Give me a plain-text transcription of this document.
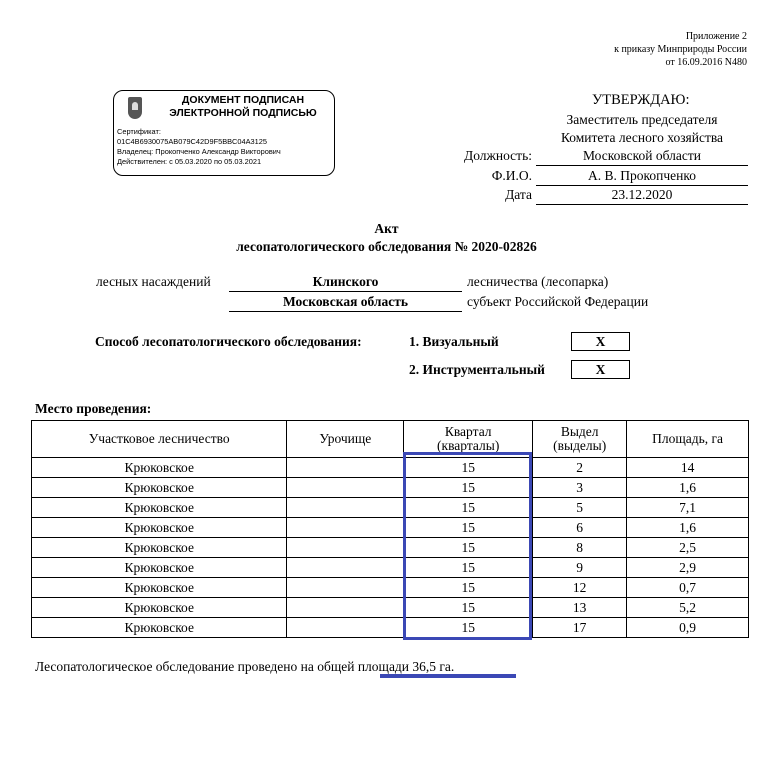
Приложение 2
к приказу Минприроды России
от 16.09.2016 N480
ДОКУМЕНТ ПОДПИСАН
ЭЛЕКТРОННОЙ ПОДПИСЬЮ
Сертификат:
01C4B6930075AB079C42D9F5BBC04A3125
Владелец: Прокопченко Александр Викторович
Действителен: с 05.03.2020 по 05.03.2021
УТВЕРЖДАЮ:
Заместитель председателя
Комитета лесного хозяйства
Должность:	Московской области
Ф.И.О.	А. В. Прокопченко
Дата	23.12.2020
Акт
лесопатологического обследования № 2020-02826
лесных насаждений	Клинского	лесничества (лесопарка)
Московская область	субъект Российской Федерации
Способ лесопатологического обследования:	1. Визуальный	X
2. Инструментальный	X
Место проведения:
Участковое лесничество	Урочище	Квартал (кварталы)	Выдел (выделы)	Площадь, га
Крюковское		15	2	14
Крюковское		15	3	1,6
Крюковское		15	5	7,1
Крюковское		15	6	1,6
Крюковское		15	8	2,5
Крюковское		15	9	2,9
Крюковское		15	12	0,7
Крюковское		15	13	5,2
Крюковское		15	17	0,9
Лесопатологическое обследование проведено на общей площади 36,5 га.
